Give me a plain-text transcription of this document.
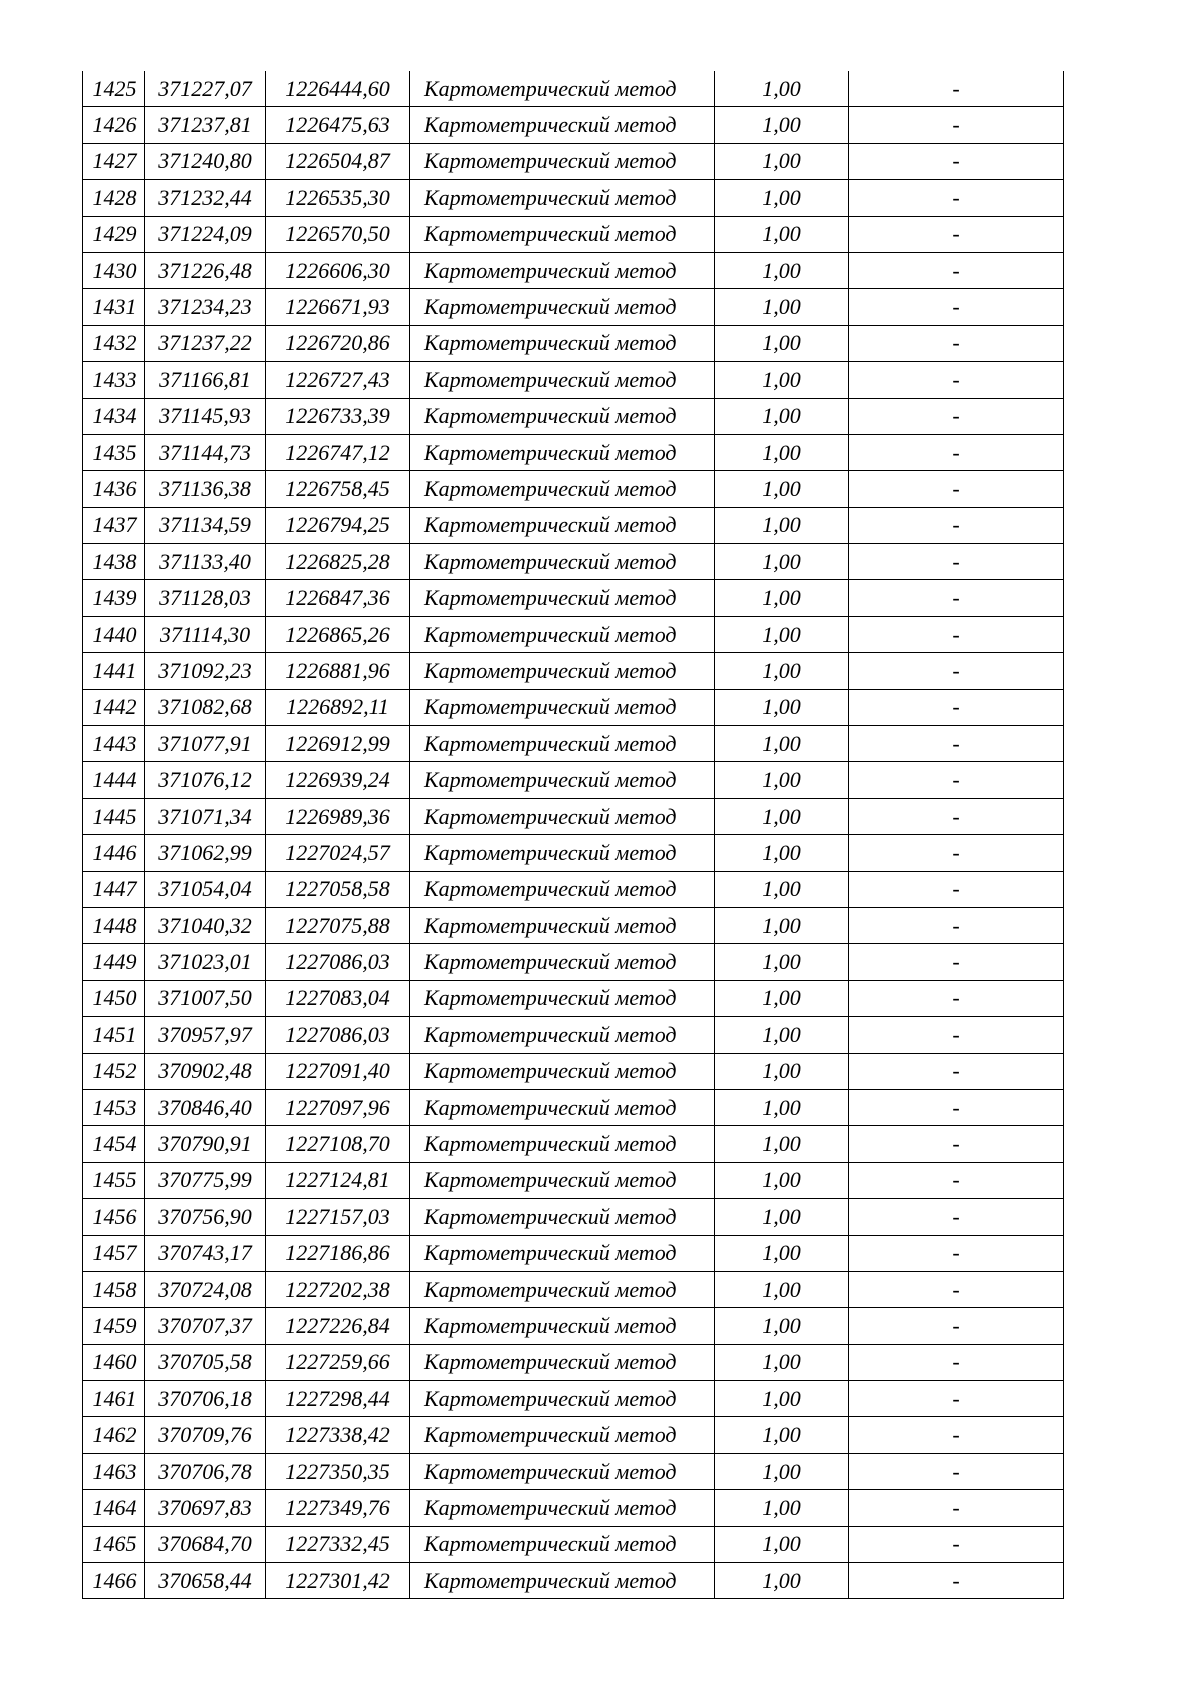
1425	371227,07	1226444,60	Картометрический метод	1,00	-
1426	371237,81	1226475,63	Картометрический метод	1,00	-
1427	371240,80	1226504,87	Картометрический метод	1,00	-
1428	371232,44	1226535,30	Картометрический метод	1,00	-
1429	371224,09	1226570,50	Картометрический метод	1,00	-
1430	371226,48	1226606,30	Картометрический метод	1,00	-
1431	371234,23	1226671,93	Картометрический метод	1,00	-
1432	371237,22	1226720,86	Картометрический метод	1,00	-
1433	371166,81	1226727,43	Картометрический метод	1,00	-
1434	371145,93	1226733,39	Картометрический метод	1,00	-
1435	371144,73	1226747,12	Картометрический метод	1,00	-
1436	371136,38	1226758,45	Картометрический метод	1,00	-
1437	371134,59	1226794,25	Картометрический метод	1,00	-
1438	371133,40	1226825,28	Картометрический метод	1,00	-
1439	371128,03	1226847,36	Картометрический метод	1,00	-
1440	371114,30	1226865,26	Картометрический метод	1,00	-
1441	371092,23	1226881,96	Картометрический метод	1,00	-
1442	371082,68	1226892,11	Картометрический метод	1,00	-
1443	371077,91	1226912,99	Картометрический метод	1,00	-
1444	371076,12	1226939,24	Картометрический метод	1,00	-
1445	371071,34	1226989,36	Картометрический метод	1,00	-
1446	371062,99	1227024,57	Картометрический метод	1,00	-
1447	371054,04	1227058,58	Картометрический метод	1,00	-
1448	371040,32	1227075,88	Картометрический метод	1,00	-
1449	371023,01	1227086,03	Картометрический метод	1,00	-
1450	371007,50	1227083,04	Картометрический метод	1,00	-
1451	370957,97	1227086,03	Картометрический метод	1,00	-
1452	370902,48	1227091,40	Картометрический метод	1,00	-
1453	370846,40	1227097,96	Картометрический метод	1,00	-
1454	370790,91	1227108,70	Картометрический метод	1,00	-
1455	370775,99	1227124,81	Картометрический метод	1,00	-
1456	370756,90	1227157,03	Картометрический метод	1,00	-
1457	370743,17	1227186,86	Картометрический метод	1,00	-
1458	370724,08	1227202,38	Картометрический метод	1,00	-
1459	370707,37	1227226,84	Картометрический метод	1,00	-
1460	370705,58	1227259,66	Картометрический метод	1,00	-
1461	370706,18	1227298,44	Картометрический метод	1,00	-
1462	370709,76	1227338,42	Картометрический метод	1,00	-
1463	370706,78	1227350,35	Картометрический метод	1,00	-
1464	370697,83	1227349,76	Картометрический метод	1,00	-
1465	370684,70	1227332,45	Картометрический метод	1,00	-
1466	370658,44	1227301,42	Картометрический метод	1,00	-
